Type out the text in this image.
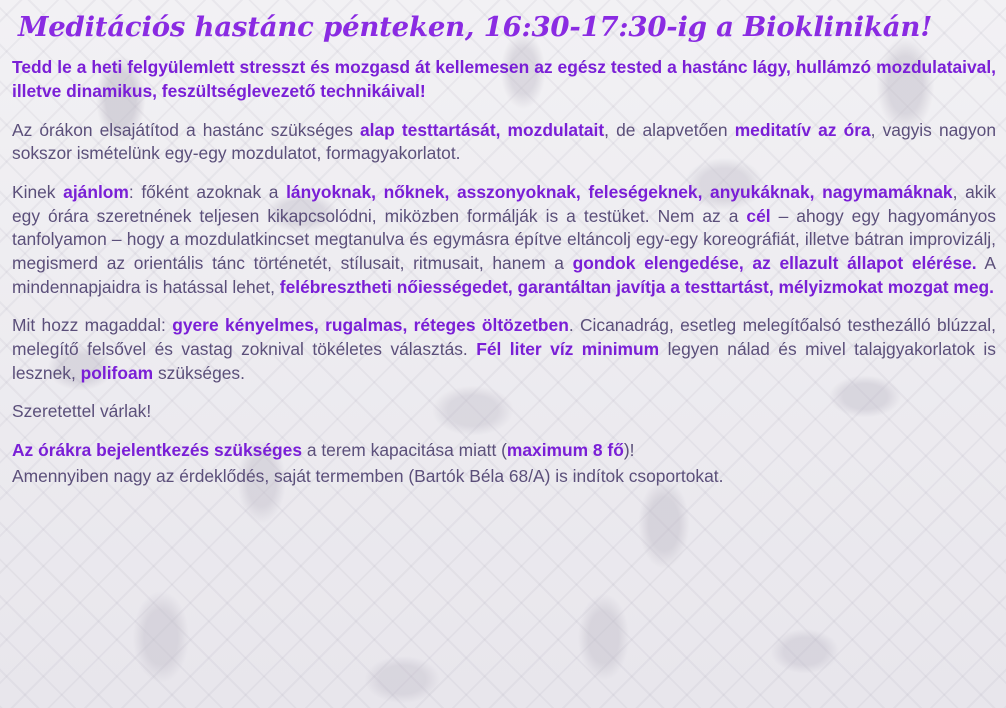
Meditációs hastánc pénteken, 16:30-17:30-ig a Bioklinikán!

Tedd le a heti felgyülemlett stresszt és mozgasd át kellemesen az egész tested a hastánc lágy, hullámzó mozdulataival, illetve dinamikus, feszültséglevezető technikáival!

Az órákon elsajátítod a hastánc szükséges alap testtartását, mozdulatait, de alapvetően meditatív az óra, vagyis nagyon sokszor ismételünk egy-egy mozdulatot, formagyakorlatot.

Kinek ajánlom: főként azoknak a lányoknak, nőknek, asszonyoknak, feleségeknek, anyukáknak, nagymamáknak, akik egy órára szeretnének teljesen kikapcsolódni, miközben formálják is a testüket. Nem az a cél – ahogy egy hagyományos tanfolyamon – hogy a mozdulatkincset megtanulva és egymásra építve eltáncolj egy-egy koreográfiát, illetve bátran improvizálj, megismerd az orientális tánc történetét, stílusait, ritmusait, hanem a gondok elengedése, az ellazult állapot elérése. A mindennapjaidra is hatással lehet, felébresztheti nőiességedet, garantáltan javítja a testtartást, mélyizmokat mozgat meg.

Mit hozz magaddal: gyere kényelmes, rugalmas, réteges öltözetben. Cicanadrág, esetleg melegítőalsó testhezálló blúzzal, melegítő felsővel és vastag zoknival tökéletes választás. Fél liter víz minimum legyen nálad és mivel talajgyakorlatok is lesznek, polifoam szükséges.

Szeretettel várlak!

Az órákra bejelentkezés szükséges a terem kapacitása miatt (maximum 8 fő)!

Amennyiben nagy az érdeklődés, saját termemben (Bartók Béla 68/A) is indítok csoportokat.
